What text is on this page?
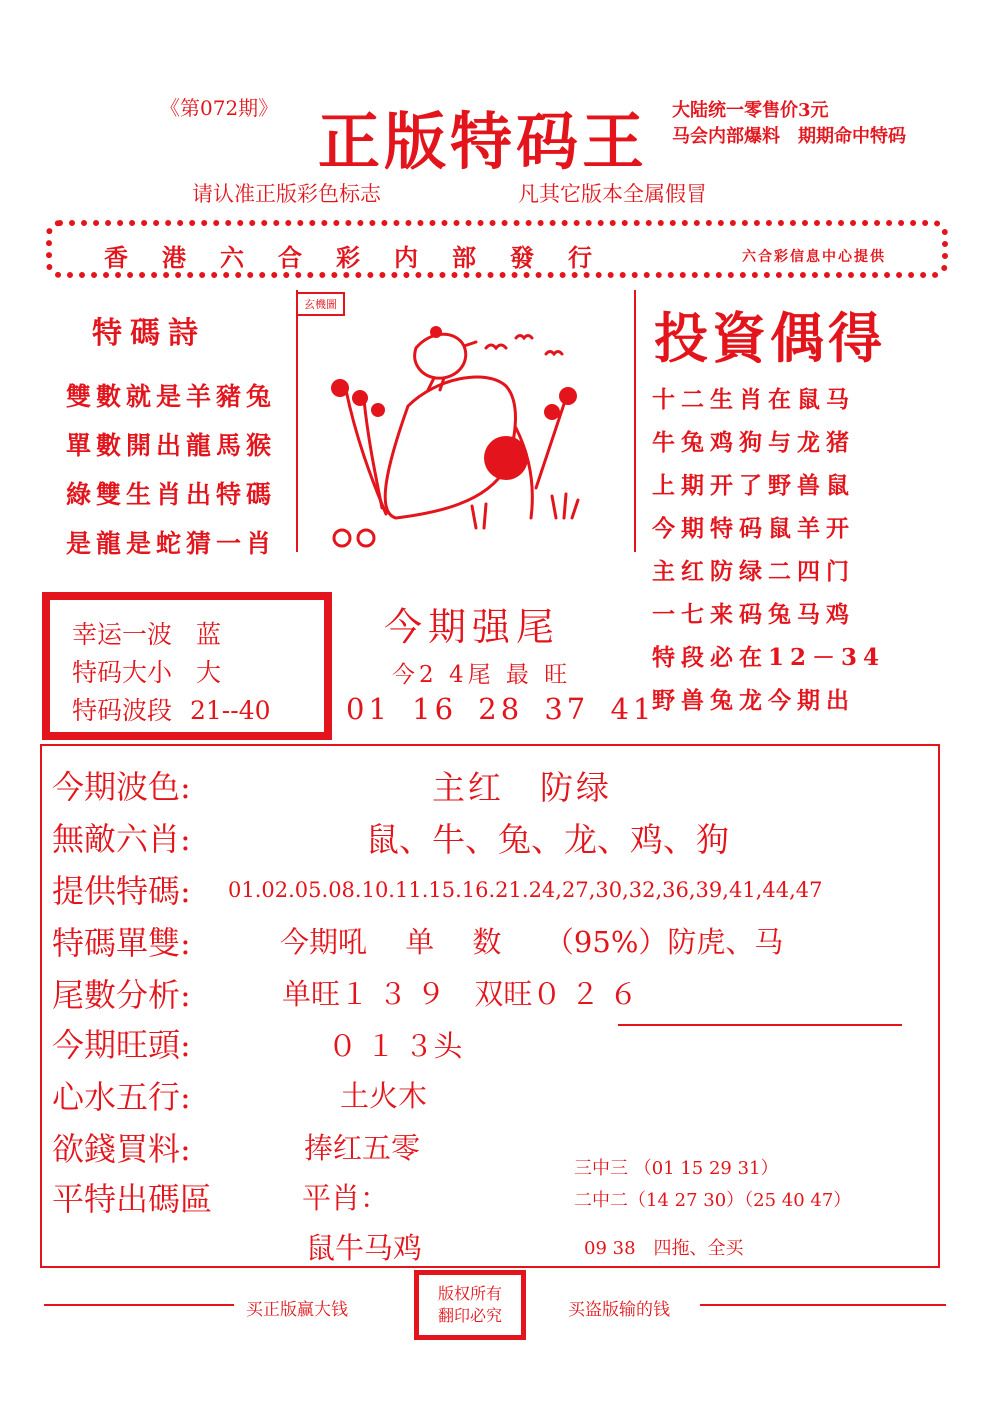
《第072期》 正版特码王 大陆统一零售价3元
马会内部爆料　期期命中特码
请认准正版彩色标志	凡其它版本全属假冒
香港六合彩内部發行	六合彩信息中心提供
特碼詩
雙數就是羊豬兔
單數開出龍馬猴
綠雙生肖出特碼
是龍是蛇猜一肖
玄機圖
投資偶得
十二生肖在鼠马
牛兔鸡狗与龙猪
上期开了野兽鼠
今期特码鼠羊开
主红防绿二四门
一七来码兔马鸡
特段必在12－34
野兽兔龙今期出
幸运一波 蓝
特码大小 大
特码波段 21--40
今期强尾
今2 4尾 最 旺
01 16 28 37 41
今期波色:	主红　防绿
無敵六肖:	鼠、牛、兔、龙、鸡、狗
提供特碼: 01.02.05.08.10.11.15.16.21.24,27,30,32,36,39,41,44,47
特碼單雙:	今期吼　 单　 数　　（95%）防虎、马
尾數分析:	单旺１ ３ ９　双旺０ ２ ６
今期旺頭:	０ １ ３头
心水五行:	土火木
欲錢買料:	捧红五零
平特出碼區	平肖：
鼠牛马鸡
三中三 （01 15 29 31）
二中二（14 27 30）（25 40 47）
09 38　四拖、全买
买正版赢大钱
版权所有
翻印必究	买盗版输的钱
